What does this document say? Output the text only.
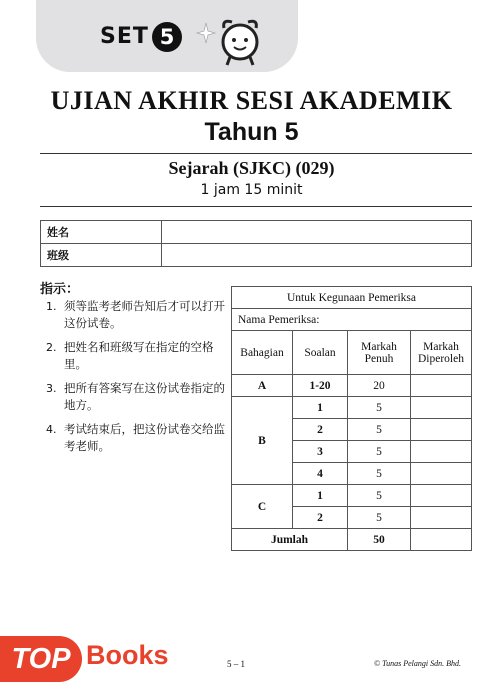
SET 5
UJIAN AKHIR SESI AKADEMIK
Tahun 5
Sejarah (SJKC) (029)
1 jam 15 minit
姓名	
班级	
指示：
1. 须等监考老师告知后才可以打开这份试卷。
2. 把姓名和班级写在指定的空格里。
3. 把所有答案写在这份试卷指定的地方。
4. 考试结束后，把这份试卷交给监考老师。
Untuk Kegunaan Pemeriksa			
Nama Pemeriksa:			
Bahagian	Soalan	Markah Penuh	Markah Diperoleh
A	1-20	20	
B	1	5	
	2	5	
	3	5	
	4	5	
C	1	5	
	2	5	
Jumlah		50	
5 – 1	© Tunas Pelangi Sdn. Bhd.
TOP Books
